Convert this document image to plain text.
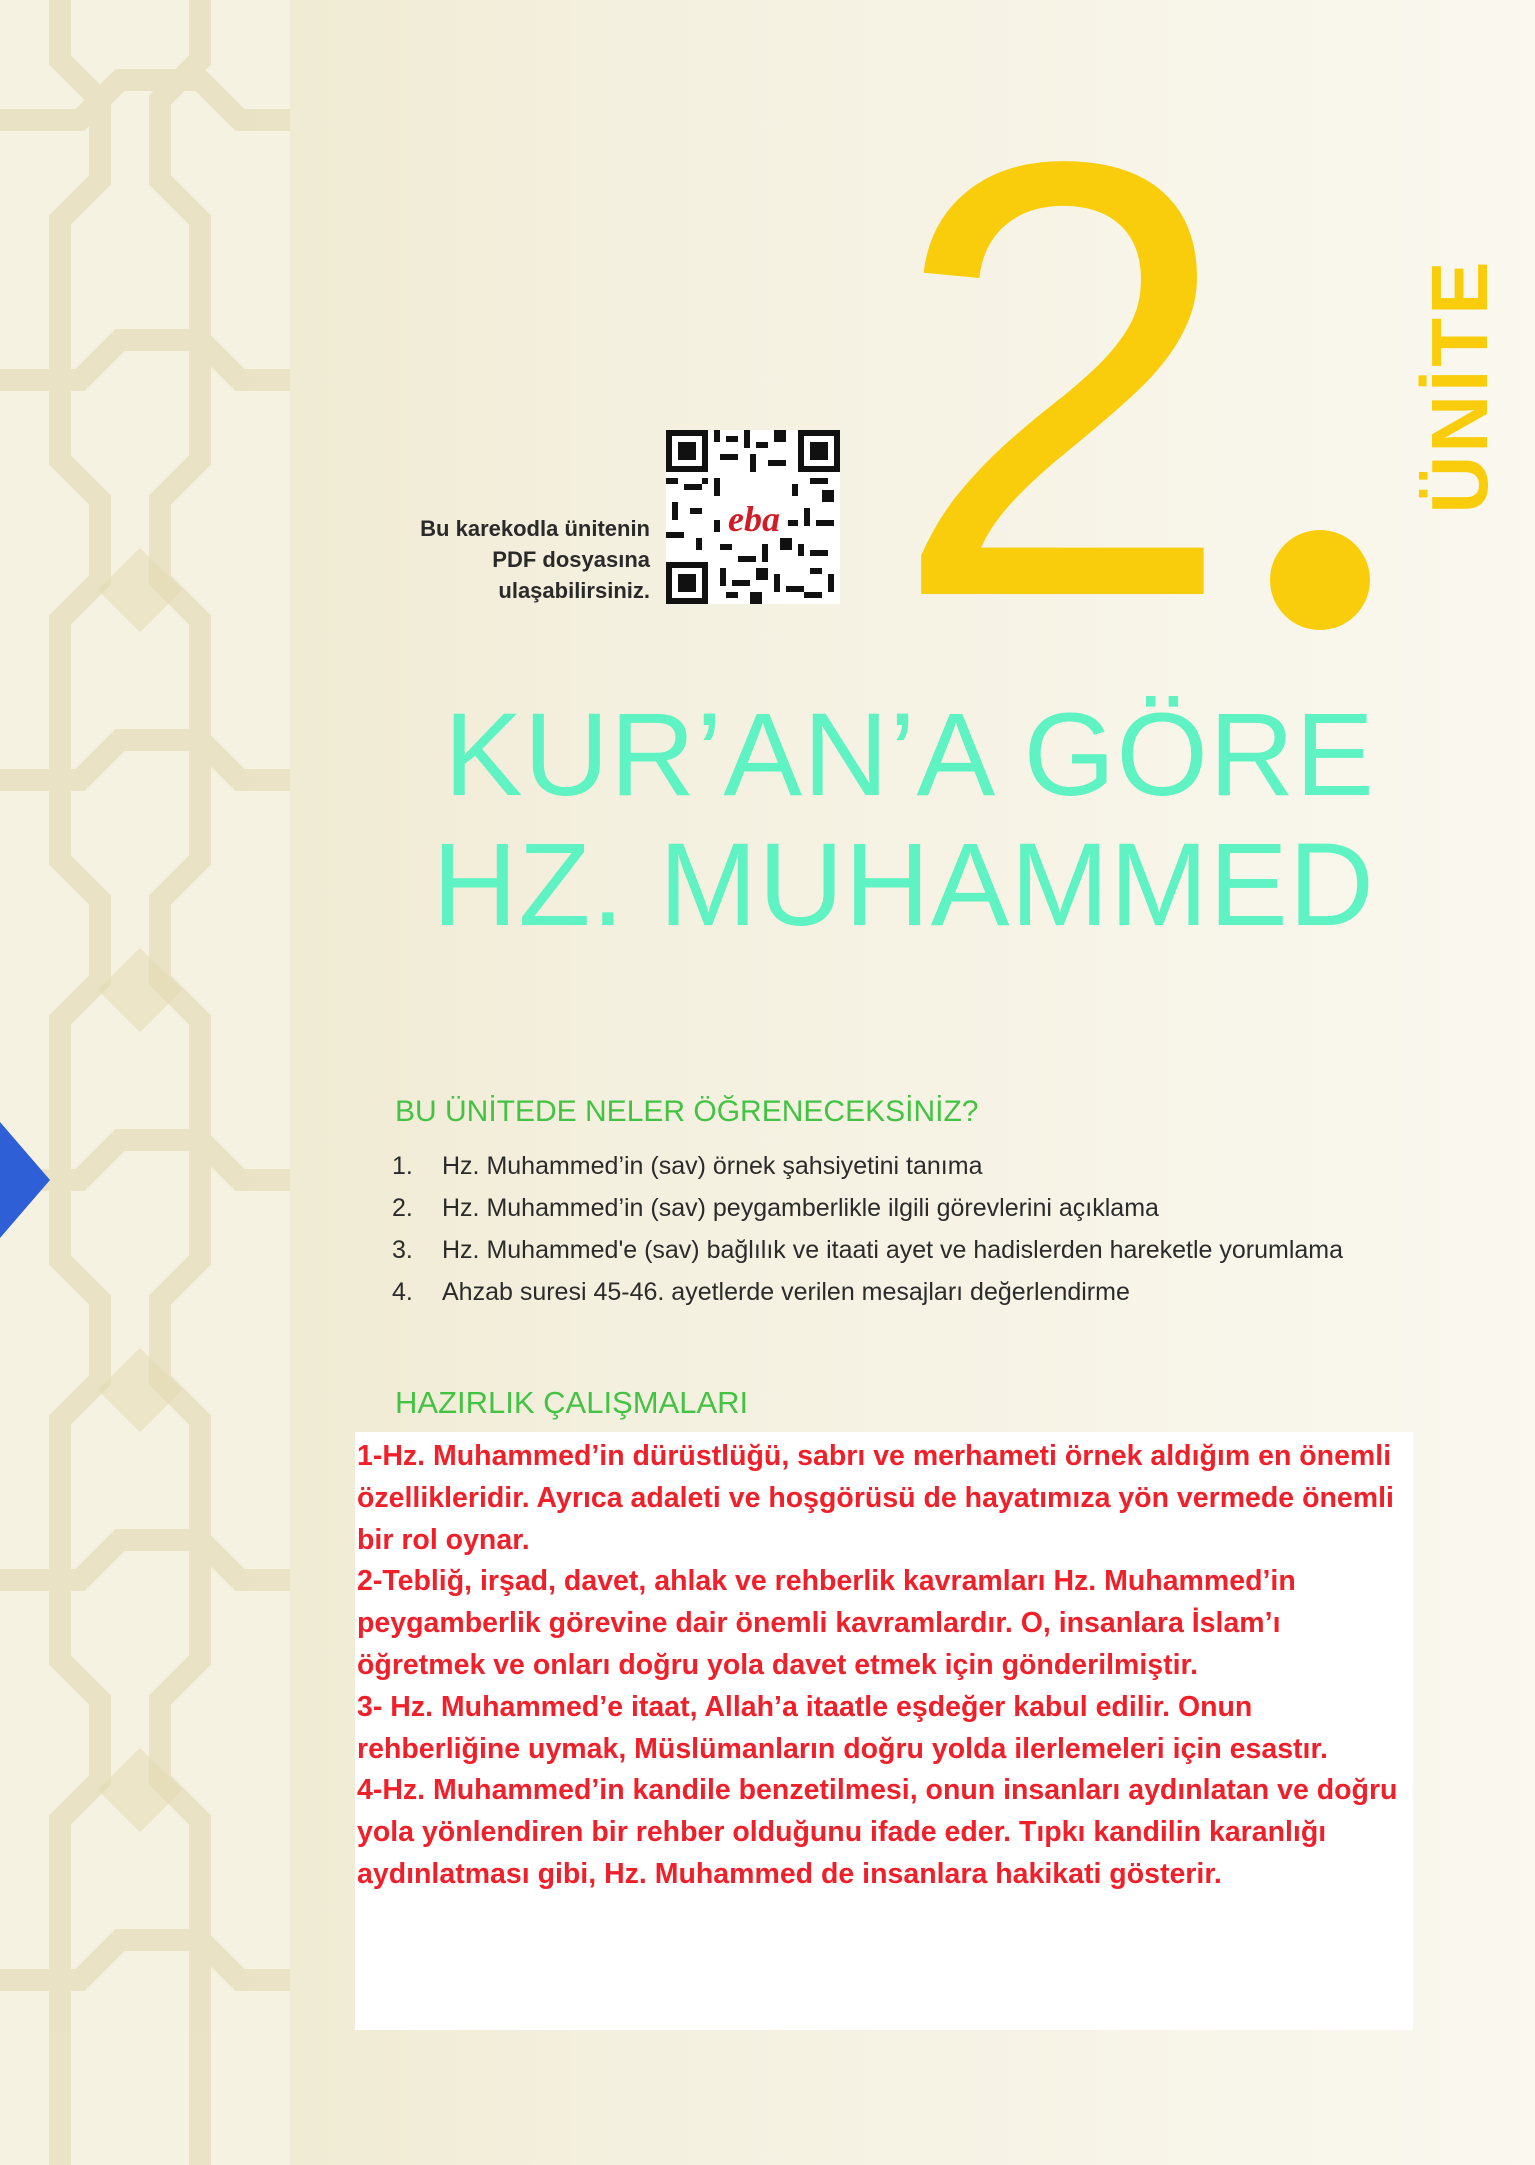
Bu karekodla ünitenin
PDF dosyasına
ulaşabilirsiniz.
eba 2 ÜNİTE
KUR’AN’A GÖRE
HZ. MUHAMMED
BU ÜNİTEDE NELER ÖĞRENECEKSİNİZ?
1. Hz. Muhammed’in (sav) örnek şahsiyetini tanıma
2. Hz. Muhammed’in (sav) peygamberlikle ilgili görevlerini açıklama
3. Hz. Muhammed'e (sav) bağlılık ve itaati ayet ve hadislerden hareketle yorumlama
4. Ahzab suresi 45-46. ayetlerde verilen mesajları değerlendirme
HAZIRLIK ÇALIŞMALARI

1-Hz. Muhammed’in dürüstlüğü, sabrı ve merhameti örnek aldığım en önemli özellikleridir. Ayrıca adaleti ve hoşgörüsü de hayatımıza yön vermede önemli bir rol oynar.

2-Tebliğ, irşad, davet, ahlak ve rehberlik kavramları Hz. Muhammed’in peygamberlik görevine dair önemli kavramlardır. O, insanlara İslam’ı öğretmek ve onları doğru yola davet etmek için gönderilmiştir.

3- Hz. Muhammed’e itaat, Allah’a itaatle eşdeğer kabul edilir. Onun rehberliğine uymak, Müslümanların doğru yolda ilerlemeleri için esastır.

4-Hz. Muhammed’in kandile benzetilmesi, onun insanları aydınlatan ve doğru yola yönlendiren bir rehber olduğunu ifade eder. Tıpkı kandilin karanlığı aydınlatması gibi, Hz. Muhammed de insanlara hakikati gösterir.
